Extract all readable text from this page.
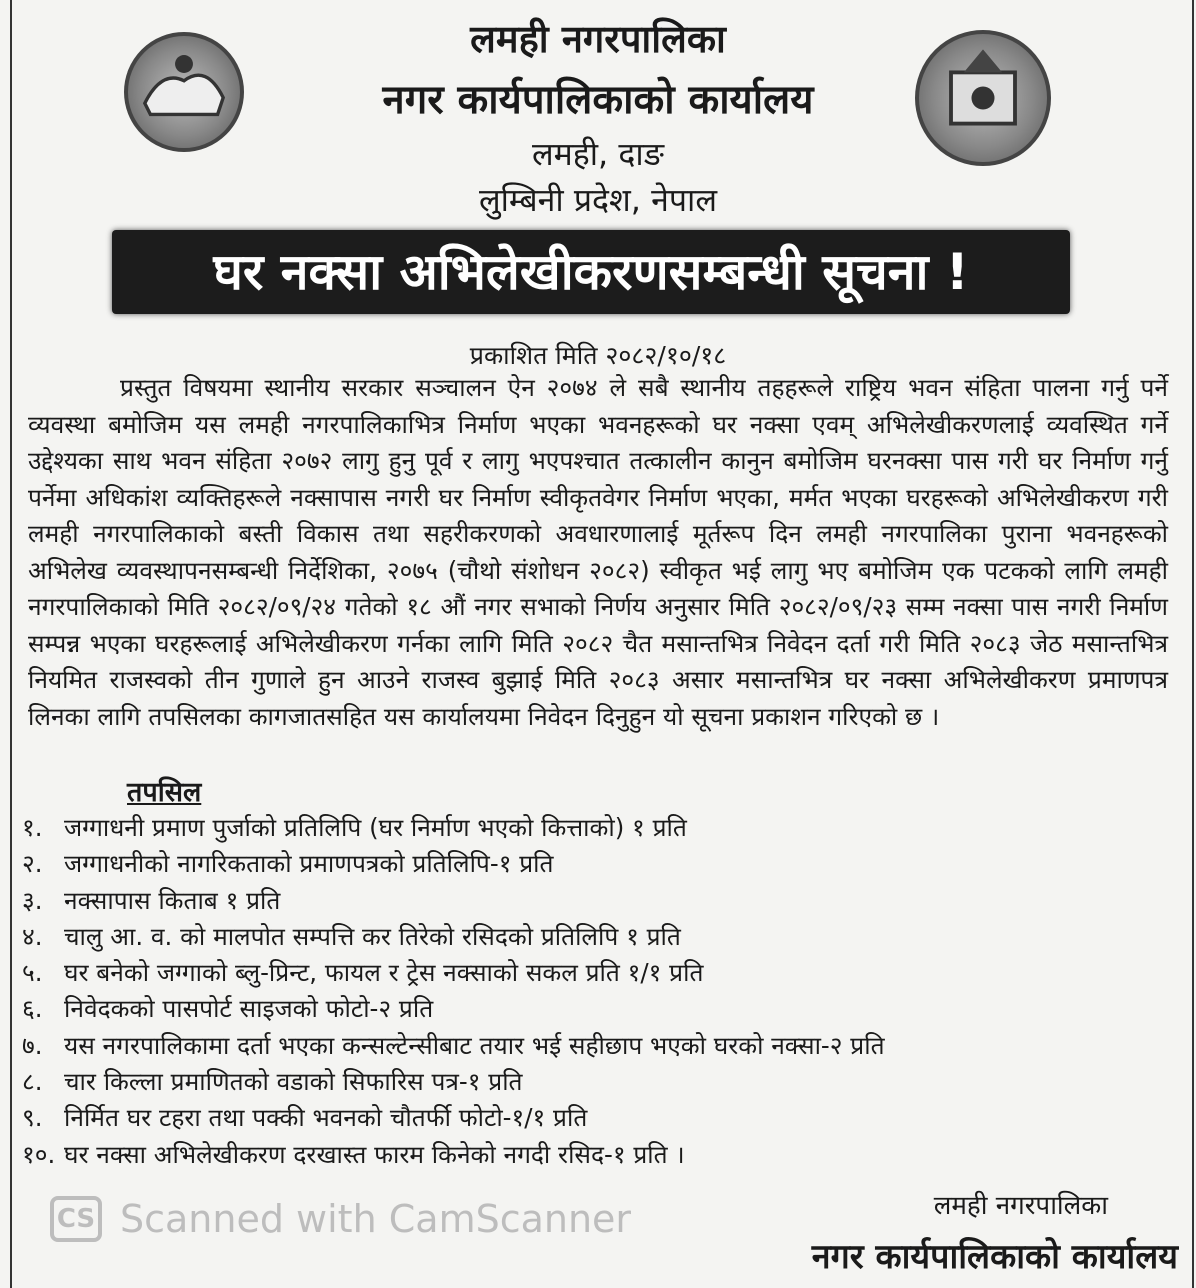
लमही नगरपालिका
नगर कार्यपालिकाको कार्यालय
लमही, दाङ
लुम्बिनी प्रदेश, नेपाल
घर नक्सा अभिलेखीकरणसम्बन्धी सूचना !
प्रकाशित मिति २०८२/१०/१८
प्रस्तुत विषयमा स्थानीय सरकार सञ्चालन ऐन २०७४ ले सबै स्थानीय तहहरूले राष्ट्रिय भवन संहिता पालना गर्नु पर्ने व्यवस्था बमोजिम यस लमही नगरपालिकाभित्र निर्माण भएका भवनहरूको घर नक्सा एवम् अभिलेखीकरणलाई व्यवस्थित गर्ने उद्देश्यका साथ भवन संहिता २०७२ लागु हुनु पूर्व र लागु भएपश्चात तत्कालीन कानुन बमोजिम घरनक्सा पास गरी घर निर्माण गर्नु पर्नेमा अधिकांश व्यक्तिहरूले नक्सापास नगरी घर निर्माण स्वीकृतवेगर निर्माण भएका, मर्मत भएका घरहरूको अभिलेखीकरण गरी लमही नगरपालिकाको बस्ती विकास तथा सहरीकरणको अवधारणालाई मूर्तरूप दिन लमही नगरपालिका पुराना भवनहरूको अभिलेख व्यवस्थापनसम्बन्धी निर्देशिका, २०७५ (चौथो संशोधन २०८२) स्वीकृत भई लागु भए बमोजिम एक पटकको लागि लमही नगरपालिकाको मिति २०८२/०९/२४ गतेको १८ औं नगर सभाको निर्णय अनुसार मिति २०८२/०९/२३ सम्म नक्सा पास नगरी निर्माण सम्पन्न भएका घरहरूलाई अभिलेखीकरण गर्नका लागि मिति २०८२ चैत मसान्तभित्र निवेदन दर्ता गरी मिति २०८३ जेठ मसान्तभित्र नियमित राजस्वको तीन गुणाले हुन आउने राजस्व बुझाई मिति २०८३ असार मसान्तभित्र घर नक्सा अभिलेखीकरण प्रमाणपत्र लिनका लागि तपसिलका कागजातसहित यस कार्यालयमा निवेदन दिनुहुन यो सूचना प्रकाशन गरिएको छ ।
तपसिल
१. जग्गाधनी प्रमाण पुर्जाको प्रतिलिपि (घर निर्माण भएको कित्ताको) १ प्रति
२. जग्गाधनीको नागरिकताको प्रमाणपत्रको प्रतिलिपि-१ प्रति
३. नक्सापास किताब १ प्रति
४. चालु आ. व. को मालपोत सम्पत्ति कर तिरेको रसिदको प्रतिलिपि १ प्रति
५. घर बनेको जग्गाको ब्लु-प्रिन्ट, फायल र ट्रेस नक्साको सकल प्रति १/१ प्रति
६. निवेदकको पासपोर्ट साइजको फोटो-२ प्रति
७. यस नगरपालिकामा दर्ता भएका कन्सल्टेन्सीबाट तयार भई सहीछाप भएको घरको नक्सा-२ प्रति
८. चार किल्ला प्रमाणितको वडाको सिफारिस पत्र-१ प्रति
९. निर्मित घर टहरा तथा पक्की भवनको चौतर्फी फोटो-१/१ प्रति
१०. घर नक्सा अभिलेखीकरण दरखास्त फारम किनेको नगदी रसिद-१ प्रति ।
लमही नगरपालिका
नगर कार्यपालिकाको कार्यालय
CS Scanned with CamScanner
